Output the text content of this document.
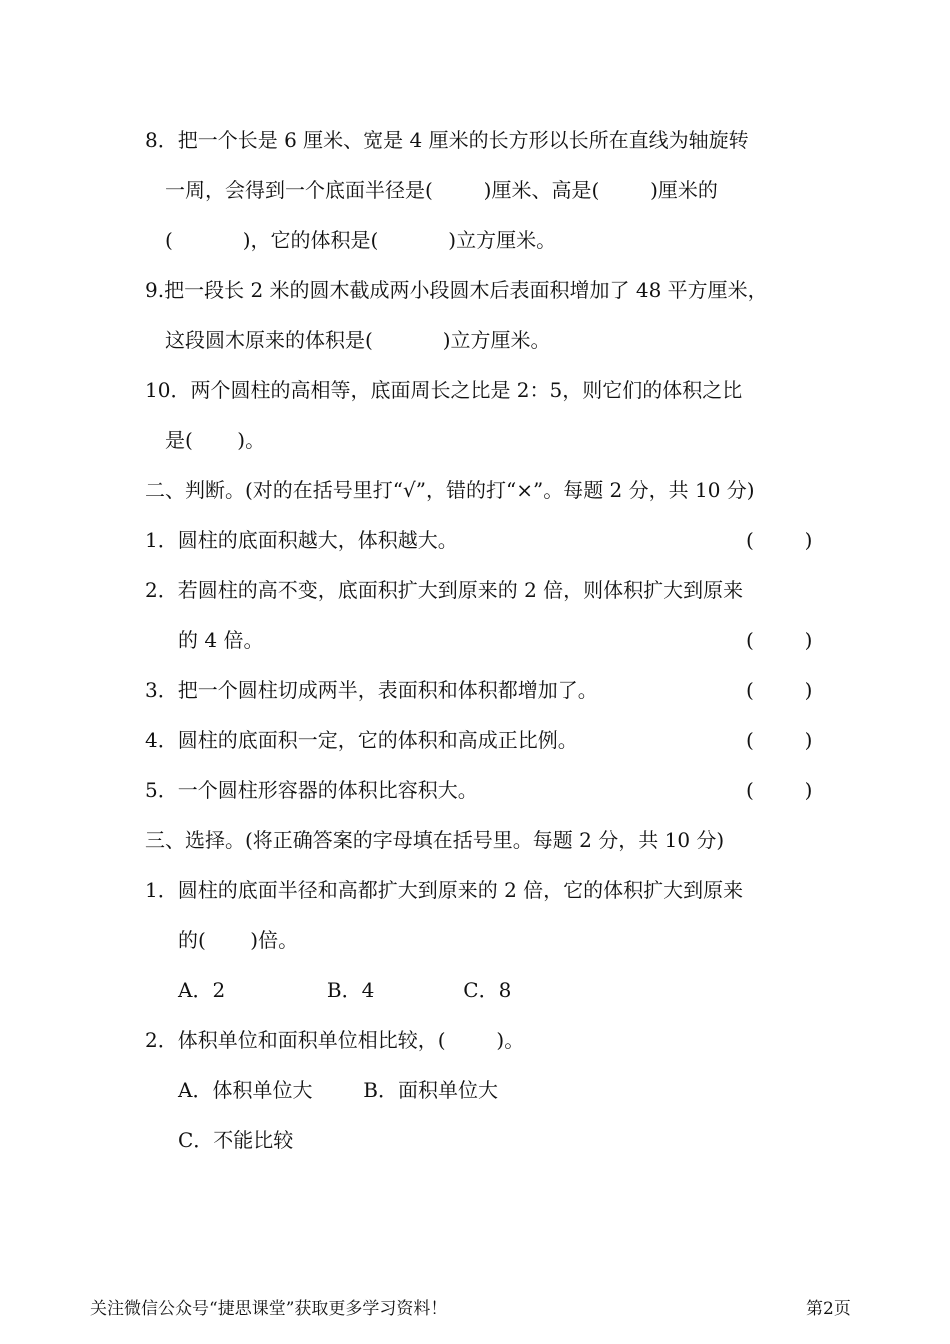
8．把一个长是 6 厘米、宽是 4 厘米的长方形以长所在直线为轴旋转
一周，会得到一个底面半径是(        )厘米、高是(        )厘米的
(           )，它的体积是(           )立方厘米。
9.把一段长 2 米的圆木截成两小段圆木后表面积增加了 48 平方厘米，
这段圆木原来的体积是(           )立方厘米。
10．两个圆柱的高相等，底面周长之比是 2：5，则它们的体积之比
是(       )。
二、判断。(对的在括号里打“√”，错的打“×”。每题 2 分，共 10 分)
1．圆柱的底面积越大，体积越大。	(        )
2．若圆柱的高不变，底面积扩大到原来的 2 倍，则体积扩大到原来
的 4 倍。	(        )
3．把一个圆柱切成两半，表面积和体积都增加了。	(        )
4．圆柱的底面积一定，它的体积和高成正比例。	(        )
5．一个圆柱形容器的体积比容积大。	(        )
三、选择。(将正确答案的字母填在括号里。每题 2 分，共 10 分)
1．圆柱的底面半径和高都扩大到原来的 2 倍，它的体积扩大到原来
的(       )倍。
A．2                B．4              C．8
2．体积单位和面积单位相比较，(        )。
A．体积单位大        B．面积单位大
C．不能比较
关注微信公众号“捷思课堂”获取更多学习资料！	第2页
